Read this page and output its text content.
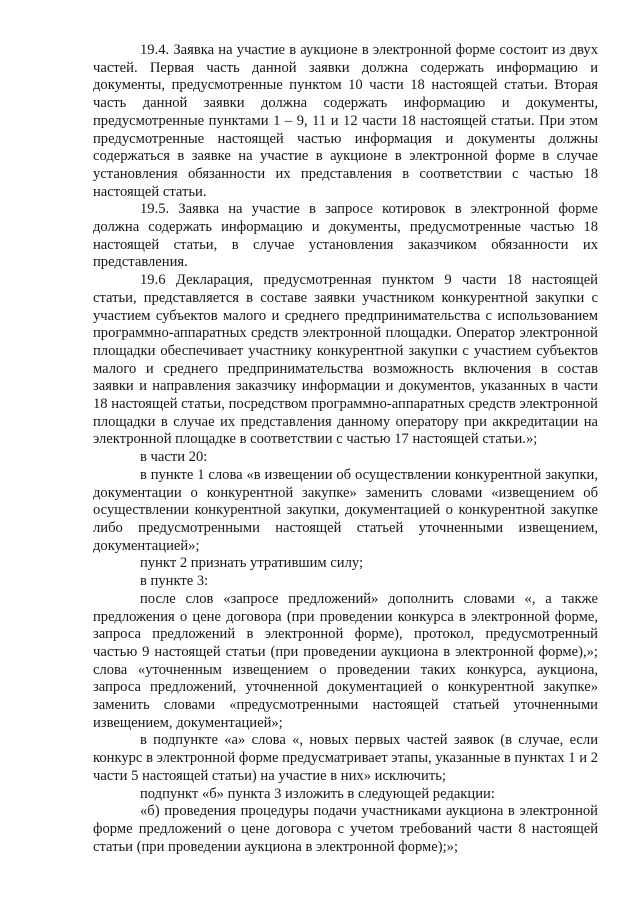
19.4. Заявка на участие в аукционе в электронной форме состоит из двух частей. Первая часть данной заявки должна содержать информацию и документы, предусмотренные пунктом 10 части 18 настоящей статьи. Вторая часть данной заявки должна содержать информацию и документы, предусмотренные пунктами 1 – 9, 11 и 12 части 18 настоящей статьи. При этом предусмотренные настоящей частью информация и документы должны содержаться в заявке на участие в аукционе в электронной форме в случае установления обязанности их представления в соответствии с частью 18 настоящей статьи.

19.5. Заявка на участие в запросе котировок в электронной форме должна содержать информацию и документы, предусмотренные частью 18 настоящей статьи, в случае установления заказчиком обязанности их представления.

19.6 Декларация, предусмотренная пунктом 9 части 18 настоящей статьи, представляется в составе заявки участником конкурентной закупки с участием субъектов малого и среднего предпринимательства с использованием программно-аппаратных средств электронной площадки. Оператор электронной площадки обеспечивает участнику конкурентной закупки с участием субъектов малого и среднего предпринимательства возможность включения в состав заявки и направления заказчику информации и документов, указанных в части 18 настоящей статьи, посредством программно-аппаратных средств электронной площадки в случае их представления данному оператору при аккредитации на электронной площадке в соответствии с частью 17 настоящей статьи.»;

в части 20:

в пункте 1 слова «в извещении об осуществлении конкурентной закупки, документации о конкурентной закупке» заменить словами «извещением об осуществлении конкурентной закупки, документацией о конкурентной закупке либо предусмотренными настоящей статьей уточненными извещением, документацией»;

пункт 2 признать утратившим силу;

в пункте 3:

после слов «запросе предложений» дополнить словами «, а также предложения о цене договора (при проведении конкурса в электронной форме, запроса предложений в электронной форме), протокол, предусмотренный частью 9 настоящей статьи (при проведении аукциона в электронной форме),»; слова «уточненным извещением о проведении таких конкурса, аукциона, запроса предложений, уточненной документацией о конкурентной закупке» заменить словами «предусмотренными настоящей статьей уточненными извещением, документацией»;

в подпункте «а» слова «, новых первых частей заявок (в случае, если конкурс в электронной форме предусматривает этапы, указанные в пунктах 1 и 2 части 5 настоящей статьи) на участие в них» исключить;

подпункт «б» пункта 3 изложить в следующей редакции:

«б) проведения процедуры подачи участниками аукциона в электронной форме предложений о цене договора с учетом требований части 8 настоящей статьи (при проведении аукциона в электронной форме);»;
